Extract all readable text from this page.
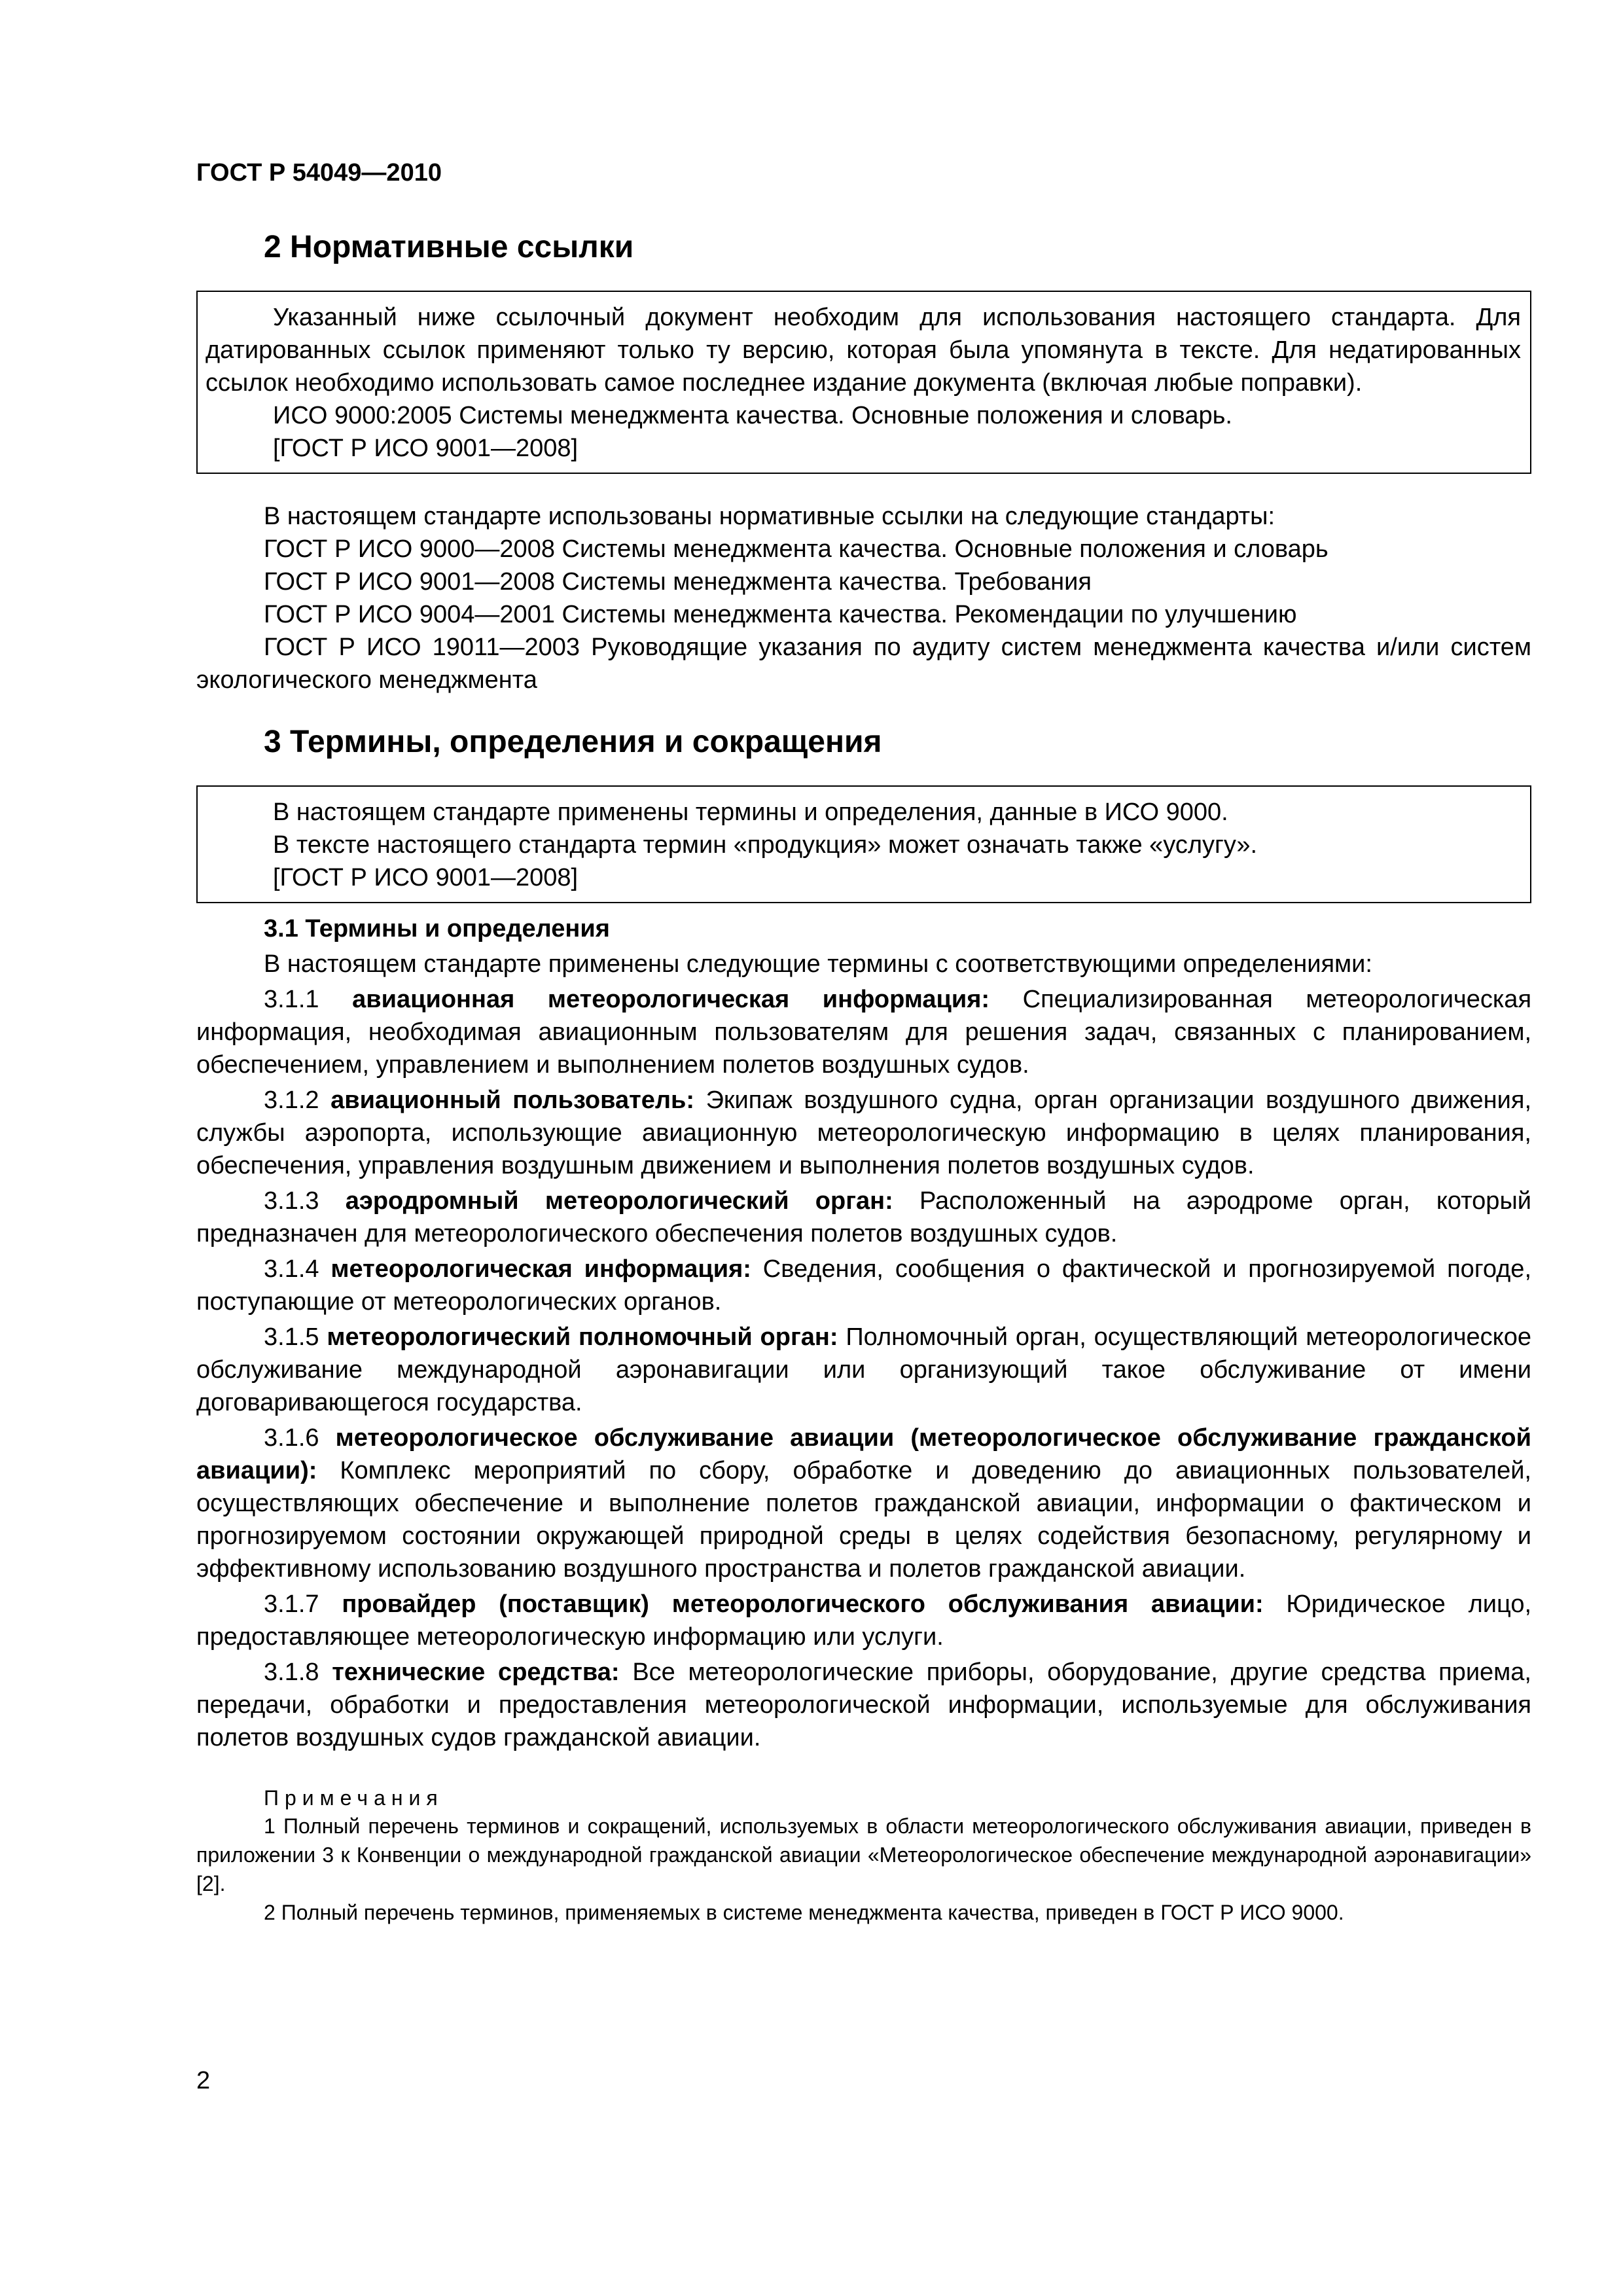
ГОСТ Р 54049—2010
2 Нормативные ссылки

Указанный ниже ссылочный документ необходим для использования настоящего стандарта. Для датированных ссылок применяют только ту версию, которая была упомянута в тексте. Для недатированных ссылок необходимо использовать самое последнее издание документа (включая любые поправки).

ИСО 9000:2005 Системы менеджмента качества. Основные положения и словарь.

[ГОСТ Р ИСО 9001—2008]

В настоящем стандарте использованы нормативные ссылки на следующие стандарты:

ГОСТ Р ИСО 9000—2008 Системы менеджмента качества. Основные положения и словарь

ГОСТ Р ИСО 9001—2008 Системы менеджмента качества. Требования

ГОСТ Р ИСО 9004—2001 Системы менеджмента качества. Рекомендации по улучшению

ГОСТ Р ИСО 19011—2003 Руководящие указания по аудиту систем менеджмента качества и/или систем экологического менеджмента

3 Термины, определения и сокращения

В настоящем стандарте применены термины и определения, данные в ИСО 9000.

В тексте настоящего стандарта термин «продукция» может означать также «услугу».

[ГОСТ Р ИСО 9001—2008]

3.1 Термины и определения

В настоящем стандарте применены следующие термины с соответствующими определениями:

3.1.1 авиационная метеорологическая информация: Специализированная метеорологическая информация, необходимая авиационным пользователям для решения задач, связанных с планированием, обеспечением, управлением и выполнением полетов воздушных судов.

3.1.2 авиационный пользователь: Экипаж воздушного судна, орган организации воздушного движения, службы аэропорта, использующие авиационную метеорологическую информацию в целях планирования, обеспечения, управления воздушным движением и выполнения полетов воздушных судов.

3.1.3 аэродромный метеорологический орган: Расположенный на аэродроме орган, который предназначен для метеорологического обеспечения полетов воздушных судов.

3.1.4 метеорологическая информация: Сведения, сообщения о фактической и прогнозируемой погоде, поступающие от метеорологических органов.

3.1.5 метеорологический полномочный орган: Полномочный орган, осуществляющий метеорологическое обслуживание международной аэронавигации или организующий такое обслуживание от имени договаривающегося государства.

3.1.6 метеорологическое обслуживание авиации (метеорологическое обслуживание гражданской авиации): Комплекс мероприятий по сбору, обработке и доведению до авиационных пользователей, осуществляющих обеспечение и выполнение полетов гражданской авиации, информации о фактическом и прогнозируемом состоянии окружающей природной среды в целях содействия безопасному, регулярному и эффективному использованию воздушного пространства и полетов гражданской авиации.

3.1.7 провайдер (поставщик) метеорологического обслуживания авиации: Юридическое лицо, предоставляющее метеорологическую информацию или услуги.

3.1.8 технические средства: Все метеорологические приборы, оборудование, другие средства приема, передачи, обработки и предоставления метеорологической информации, используемые для обслуживания полетов воздушных судов гражданской авиации.

Примечания

1 Полный перечень терминов и сокращений, используемых в области метеорологического обслуживания авиации, приведен в приложении 3 к Конвенции о международной гражданской авиации «Метеорологическое обеспечение международной аэронавигации» [2].

2 Полный перечень терминов, применяемых в системе менеджмента качества, приведен в ГОСТ Р ИСО 9000.

2
